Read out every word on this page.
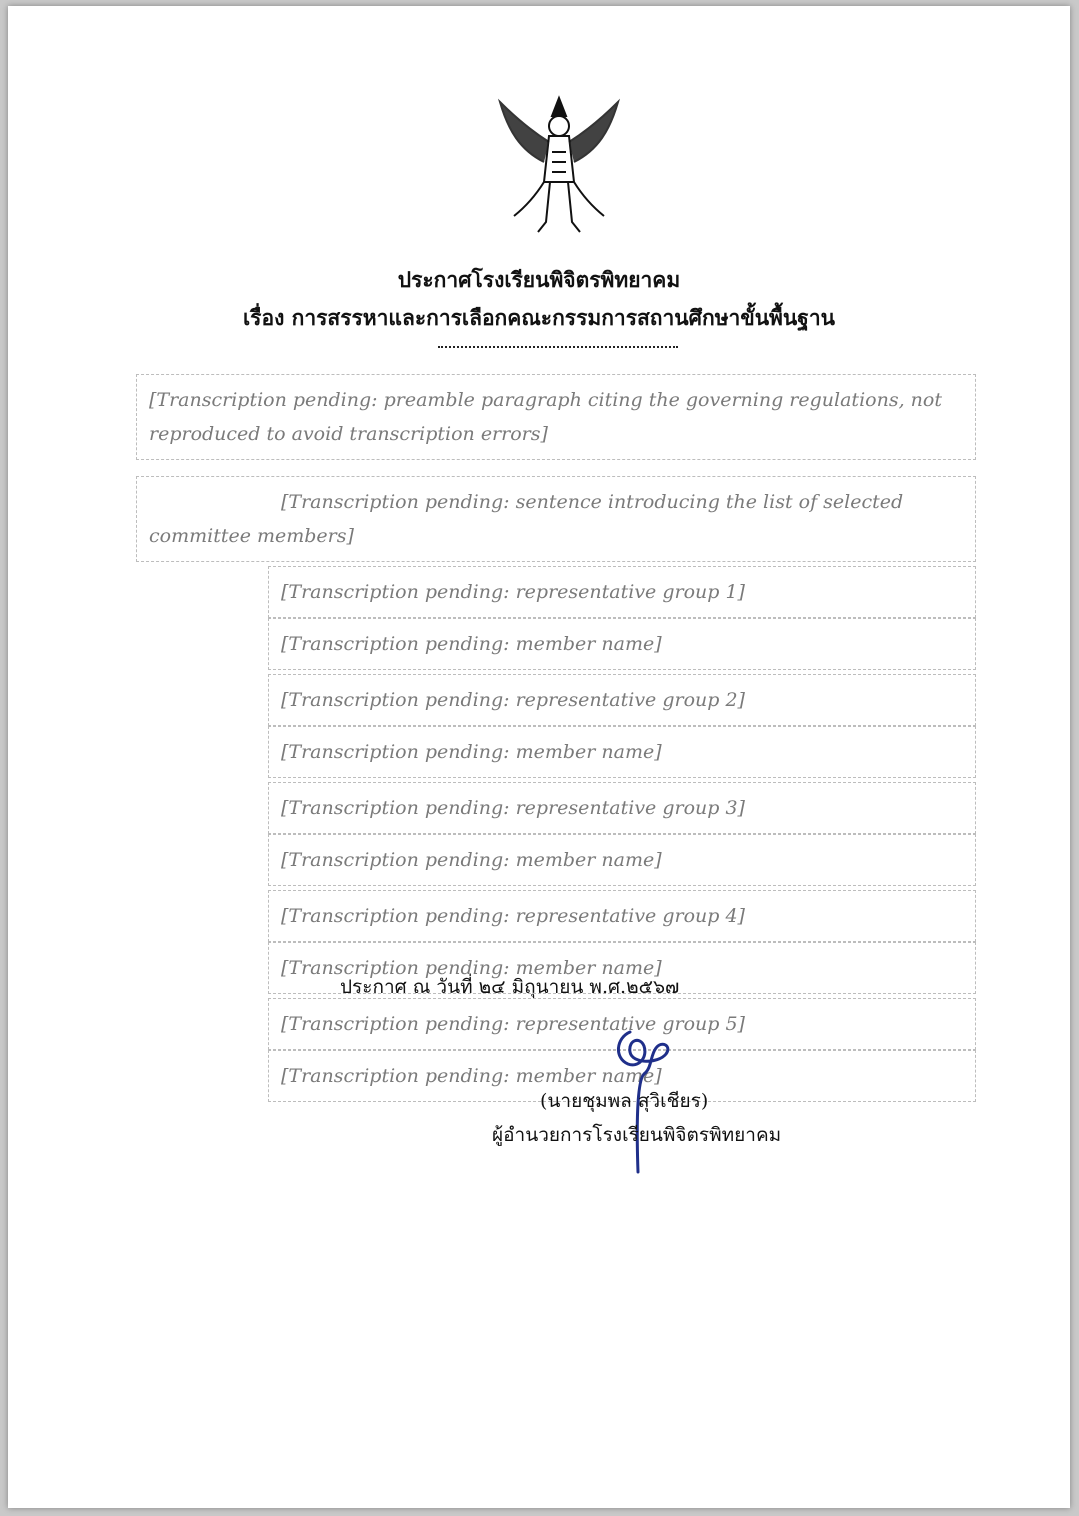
ประกาศโรงเรียนพิจิตรพิทยาคม
เรื่อง การสรรหาและการเลือกคณะกรรมการสถานศึกษาขั้นพื้นฐาน
[Transcription pending: preamble paragraph citing the governing regulations, not reproduced to avoid transcription errors]
[Transcription pending: sentence introducing the list of selected committee members]
[Transcription pending: representative group 1]
[Transcription pending: member name]
[Transcription pending: representative group 2]
[Transcription pending: member name]
[Transcription pending: representative group 3]
[Transcription pending: member name]
[Transcription pending: representative group 4]
[Transcription pending: member name]
[Transcription pending: representative group 5]
[Transcription pending: member name]
ประกาศ ณ วันที่ ๒๔ มิถุนายน พ.ศ.๒๕๖๗
(นายชุมพล สุวิเชียร)
ผู้อำนวยการโรงเรียนพิจิตรพิทยาคม
